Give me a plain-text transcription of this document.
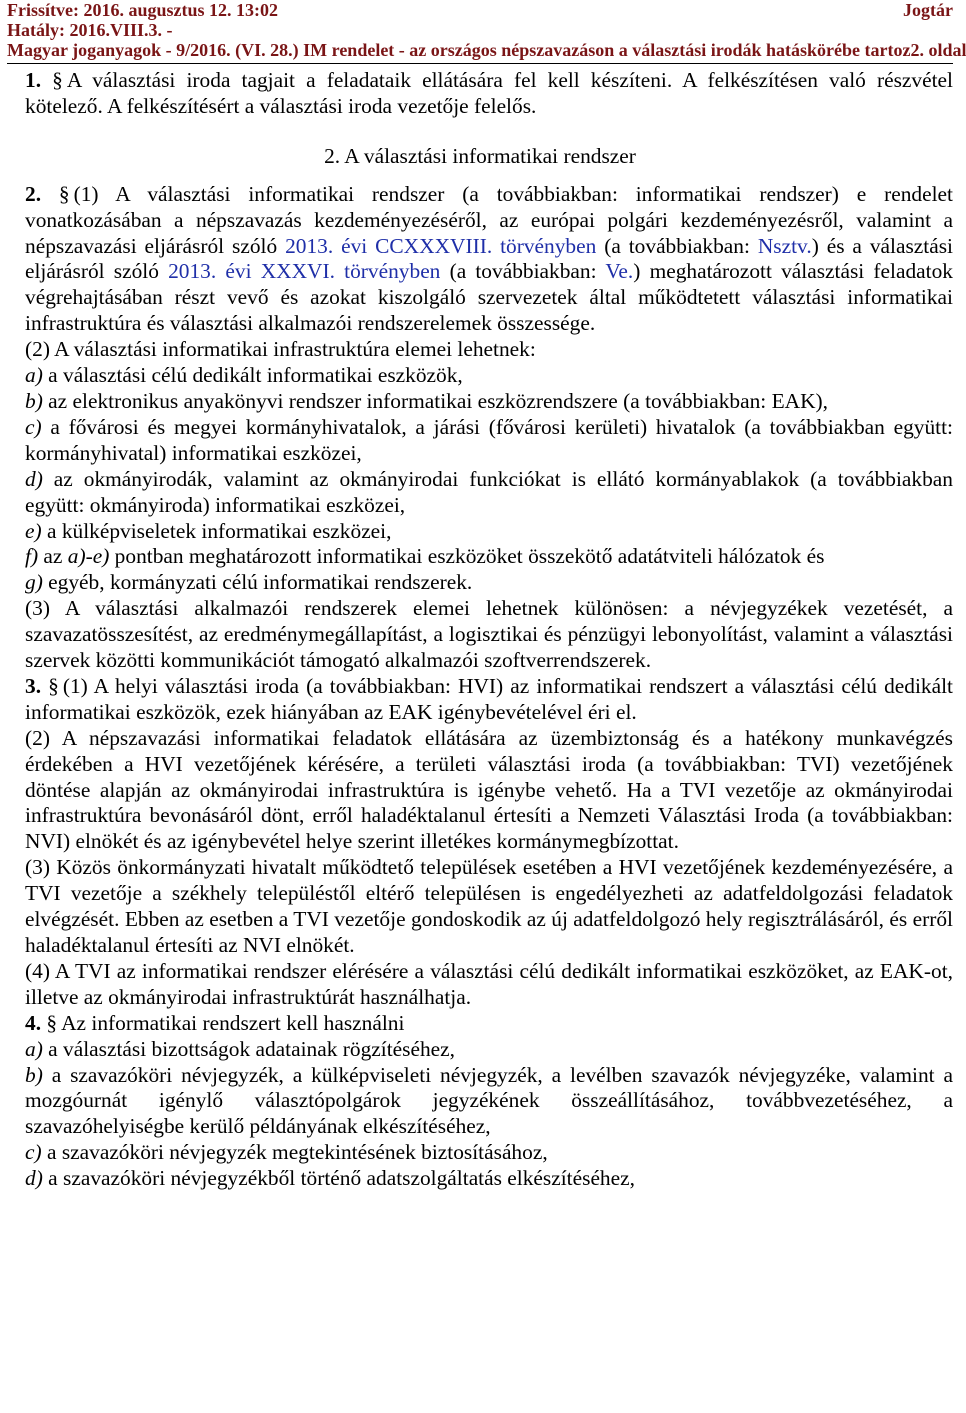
Frissítve: 2016. augusztus 12. 13:02	Jogtár
Hatály: 2016.VIII.3. -
Magyar joganyagok - 9/2016. (VI. 28.) IM rendelet - az országos népszavazáson a választási irodák hatáskörébe tartoz 2. oldal

1. § A választási iroda tagjait a feladataik ellátására fel kell készíteni. A felkészítésen való részvétel kötelező. A felkészítésért a választási iroda vezetője felelős.

2. A választási informatikai rendszer

2. § (1) A választási informatikai rendszer (a továbbiakban: informatikai rendszer) e rendelet vonatkozásában a népszavazás kezdeményezéséről, az európai polgári kezdeményezésről, valamint a népszavazási eljárásról szóló 2013. évi CCXXXVIII. törvényben (a továbbiakban: Nsztv.) és a választási eljárásról szóló 2013. évi XXXVI. törvényben (a továbbiakban: Ve.) meghatározott választási feladatok végrehajtásában részt vevő és azokat kiszolgáló szervezetek által működtetett választási informatikai infrastruktúra és választási alkalmazói rendszerelemek összessége.

(2) A választási informatikai infrastruktúra elemei lehetnek:

a) a választási célú dedikált informatikai eszközök,

b) az elektronikus anyakönyvi rendszer informatikai eszközrendszere (a továbbiakban: EAK),

c) a fővárosi és megyei kormányhivatalok, a járási (fővárosi kerületi) hivatalok (a továbbiakban együtt: kormányhivatal) informatikai eszközei,

d) az okmányirodák, valamint az okmányirodai funkciókat is ellátó kormányablakok (a továbbiakban együtt: okmányiroda) informatikai eszközei,

e) a külképviseletek informatikai eszközei,

f) az a)-e) pontban meghatározott informatikai eszközöket összekötő adatátviteli hálózatok és

g) egyéb, kormányzati célú informatikai rendszerek.

(3) A választási alkalmazói rendszerek elemei lehetnek különösen: a névjegyzékek vezetését, a szavazatösszesítést, az eredménymegállapítást, a logisztikai és pénzügyi lebonyolítást, valamint a választási szervek közötti kommunikációt támogató alkalmazói szoftverrendszerek.

3. § (1) A helyi választási iroda (a továbbiakban: HVI) az informatikai rendszert a választási célú dedikált informatikai eszközök, ezek hiányában az EAK igénybevételével éri el.

(2) A népszavazási informatikai feladatok ellátására az üzembiztonság és a hatékony munkavégzés érdekében a HVI vezetőjének kérésére, a területi választási iroda (a továbbiakban: TVI) vezetőjének döntése alapján az okmányirodai infrastruktúra is igénybe vehető. Ha a TVI vezetője az okmányirodai infrastruktúra bevonásáról dönt, erről haladéktalanul értesíti a Nemzeti Választási Iroda (a továbbiakban: NVI) elnökét és az igénybevétel helye szerint illetékes kormánymegbízottat.

(3) Közös önkormányzati hivatalt működtető települések esetében a HVI vezetőjének kezdeményezésére, a TVI vezetője a székhely településtől eltérő településen is engedélyezheti az adatfeldolgozási feladatok elvégzését. Ebben az esetben a TVI vezetője gondoskodik az új adatfeldolgozó hely regisztrálásáról, és erről haladéktalanul értesíti az NVI elnökét.

(4) A TVI az informatikai rendszer elérésére a választási célú dedikált informatikai eszközöket, az EAK-ot, illetve az okmányirodai infrastruktúrát használhatja.

4. § Az informatikai rendszert kell használni

a) a választási bizottságok adatainak rögzítéséhez,

b) a szavazóköri névjegyzék, a külképviseleti névjegyzék, a levélben szavazók névjegyzéke, valamint a mozgóurnát igénylő választópolgárok jegyzékének összeállításához, továbbvezetéséhez, a szavazóhelyiségbe kerülő példányának elkészítéséhez,

c) a szavazóköri névjegyzék megtekintésének biztosításához,

d) a szavazóköri névjegyzékből történő adatszolgáltatás elkészítéséhez,
